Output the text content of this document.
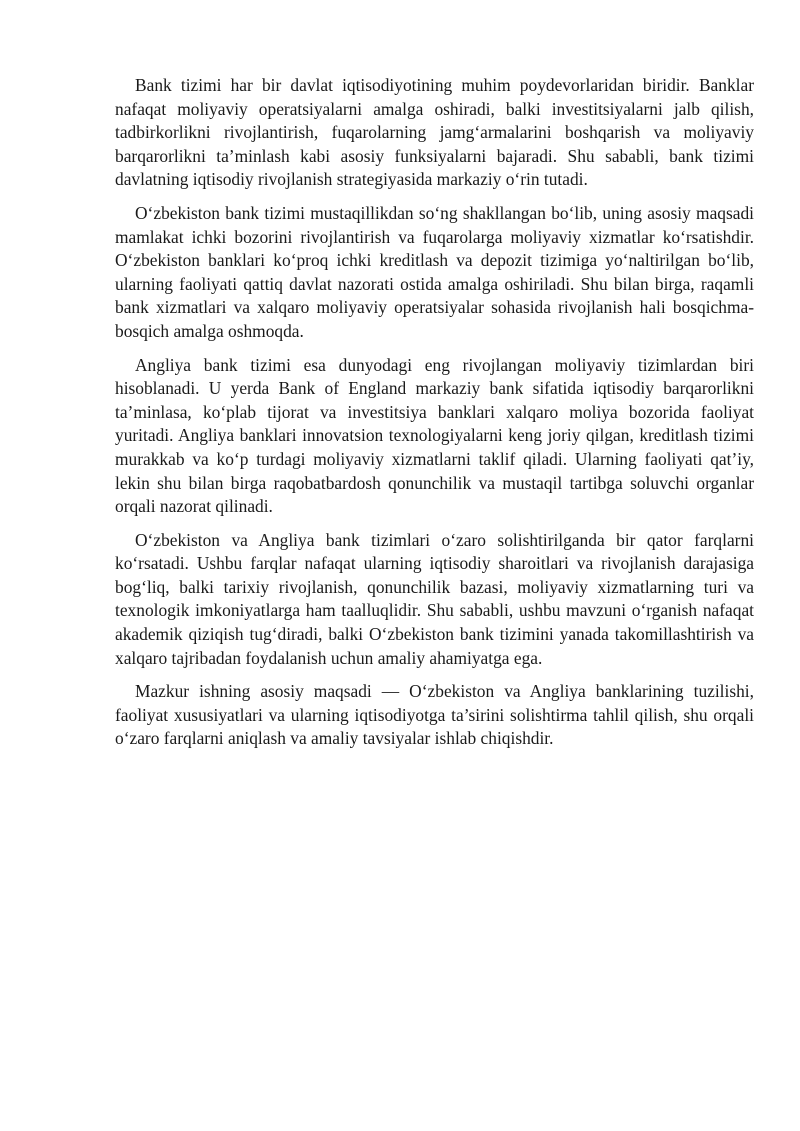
Bank tizimi har bir davlat iqtisodiyotining muhim poydevorlaridan biridir. Banklar nafaqat moliyaviy operatsiyalarni amalga oshiradi, balki investitsiyalarni jalb qilish, tadbirkorlikni rivojlantirish, fuqarolarning jamg‘armalarini boshqarish va moliyaviy barqarorlikni ta’minlash kabi asosiy funksiyalarni bajaradi. Shu sababli, bank tizimi davlatning iqtisodiy rivojlanish strategiyasida markaziy o‘rin tutadi.

O‘zbekiston bank tizimi mustaqillikdan so‘ng shakllangan bo‘lib, uning asosiy maqsadi mamlakat ichki bozorini rivojlantirish va fuqarolarga moliyaviy xizmatlar ko‘rsatishdir. O‘zbekiston banklari ko‘proq ichki kreditlash va depozit tizimiga yo‘naltirilgan bo‘lib, ularning faoliyati qattiq davlat nazorati ostida amalga oshiriladi. Shu bilan birga, raqamli bank xizmatlari va xalqaro moliyaviy operatsiyalar sohasida rivojlanish hali bosqichma-bosqich amalga oshmoqda.

Angliya bank tizimi esa dunyodagi eng rivojlangan moliyaviy tizimlardan biri hisoblanadi. U yerda Bank of England markaziy bank sifatida iqtisodiy barqarorlikni ta’minlasa, ko‘plab tijorat va investitsiya banklari xalqaro moliya bozorida faoliyat yuritadi. Angliya banklari innovatsion texnologiyalarni keng joriy qilgan, kreditlash tizimi murakkab va ko‘p turdagi moliyaviy xizmatlarni taklif qiladi. Ularning faoliyati qat’iy, lekin shu bilan birga raqobatbardosh qonunchilik va mustaqil tartibga soluvchi organlar orqali nazorat qilinadi.

O‘zbekiston va Angliya bank tizimlari o‘zaro solishtirilganda bir qator farqlarni ko‘rsatadi. Ushbu farqlar nafaqat ularning iqtisodiy sharoitlari va rivojlanish darajasiga bog‘liq, balki tarixiy rivojlanish, qonunchilik bazasi, moliyaviy xizmatlarning turi va texnologik imkoniyatlarga ham taalluqlidir. Shu sababli, ushbu mavzuni o‘rganish nafaqat akademik qiziqish tug‘diradi, balki O‘zbekiston bank tizimini yanada takomillashtirish va xalqaro tajribadan foydalanish uchun amaliy ahamiyatga ega.

Mazkur ishning asosiy maqsadi — O‘zbekiston va Angliya banklarining tuzilishi, faoliyat xususiyatlari va ularning iqtisodiyotga ta’sirini solishtirma tahlil qilish, shu orqali o‘zaro farqlarni aniqlash va amaliy tavsiyalar ishlab chiqishdir.
